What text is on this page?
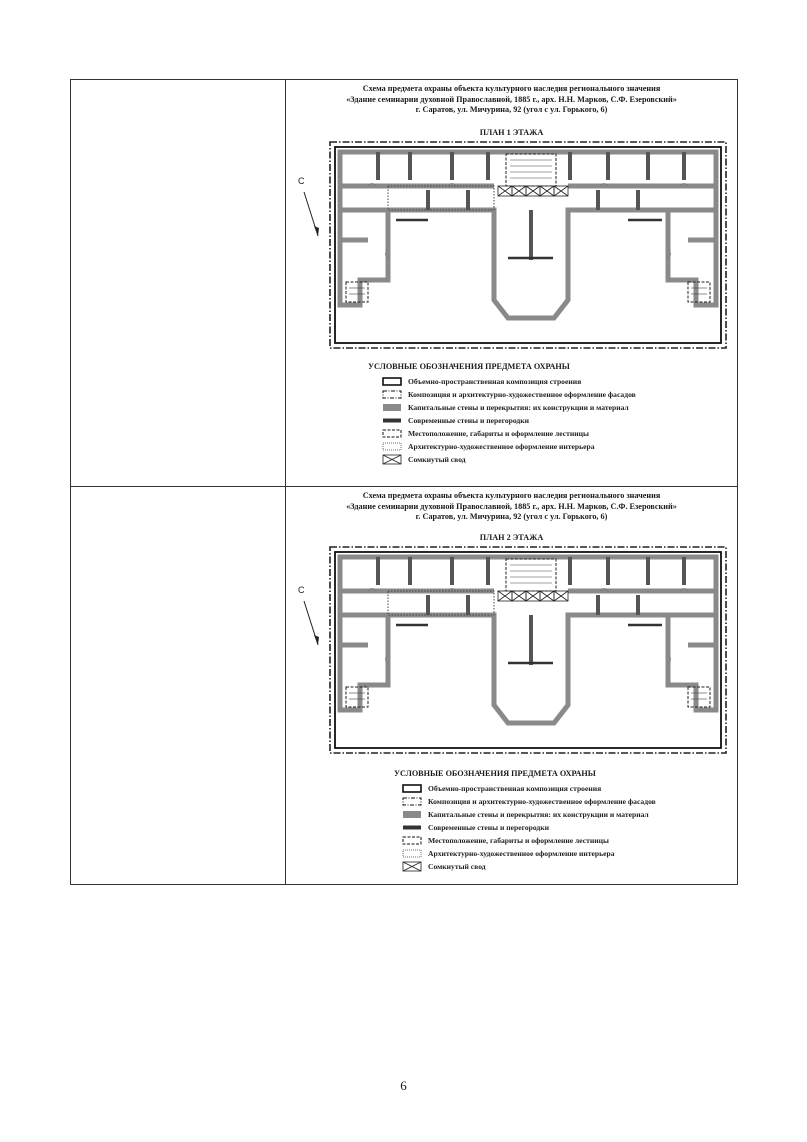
Схема предмета охраны объекта культурного наследия регионального значения
«Здание семинарии духовной Православной, 1885 г., арх. Н.Н. Марков, С.Ф. Езеровский»
г. Саратов, ул. Мичурина, 92 (угол с ул. Горького, 6)
ПЛАН 1 ЭТАЖА
С
УСЛОВНЫЕ ОБОЗНАЧЕНИЯ ПРЕДМЕТА ОХРАНЫ
Объемно-пространственная композиция строения
Композиция и архитектурно-художественное оформление фасадов
Капитальные стены и перекрытия: их конструкции и материал
Современные стены и перегородки
Местоположение, габариты и оформление лестницы
Архитектурно-художественное оформление интерьера
Сомкнутый свод
Схема предмета охраны объекта культурного наследия регионального значения
«Здание семинарии духовной Православной, 1885 г., арх. Н.Н. Марков, С.Ф. Езеровский»
г. Саратов, ул. Мичурина, 92 (угол с ул. Горького, 6)
ПЛАН 2 ЭТАЖА
С
УСЛОВНЫЕ ОБОЗНАЧЕНИЯ ПРЕДМЕТА ОХРАНЫ
Объемно-пространственная композиция строения
Композиция и архитектурно-художественное оформление фасадов
Капитальные стены и перекрытия: их конструкции и материал
Современные стены и перегородки
Местоположение, габариты и оформление лестницы
Архитектурно-художественное оформление интерьера
Сомкнутый свод
6
